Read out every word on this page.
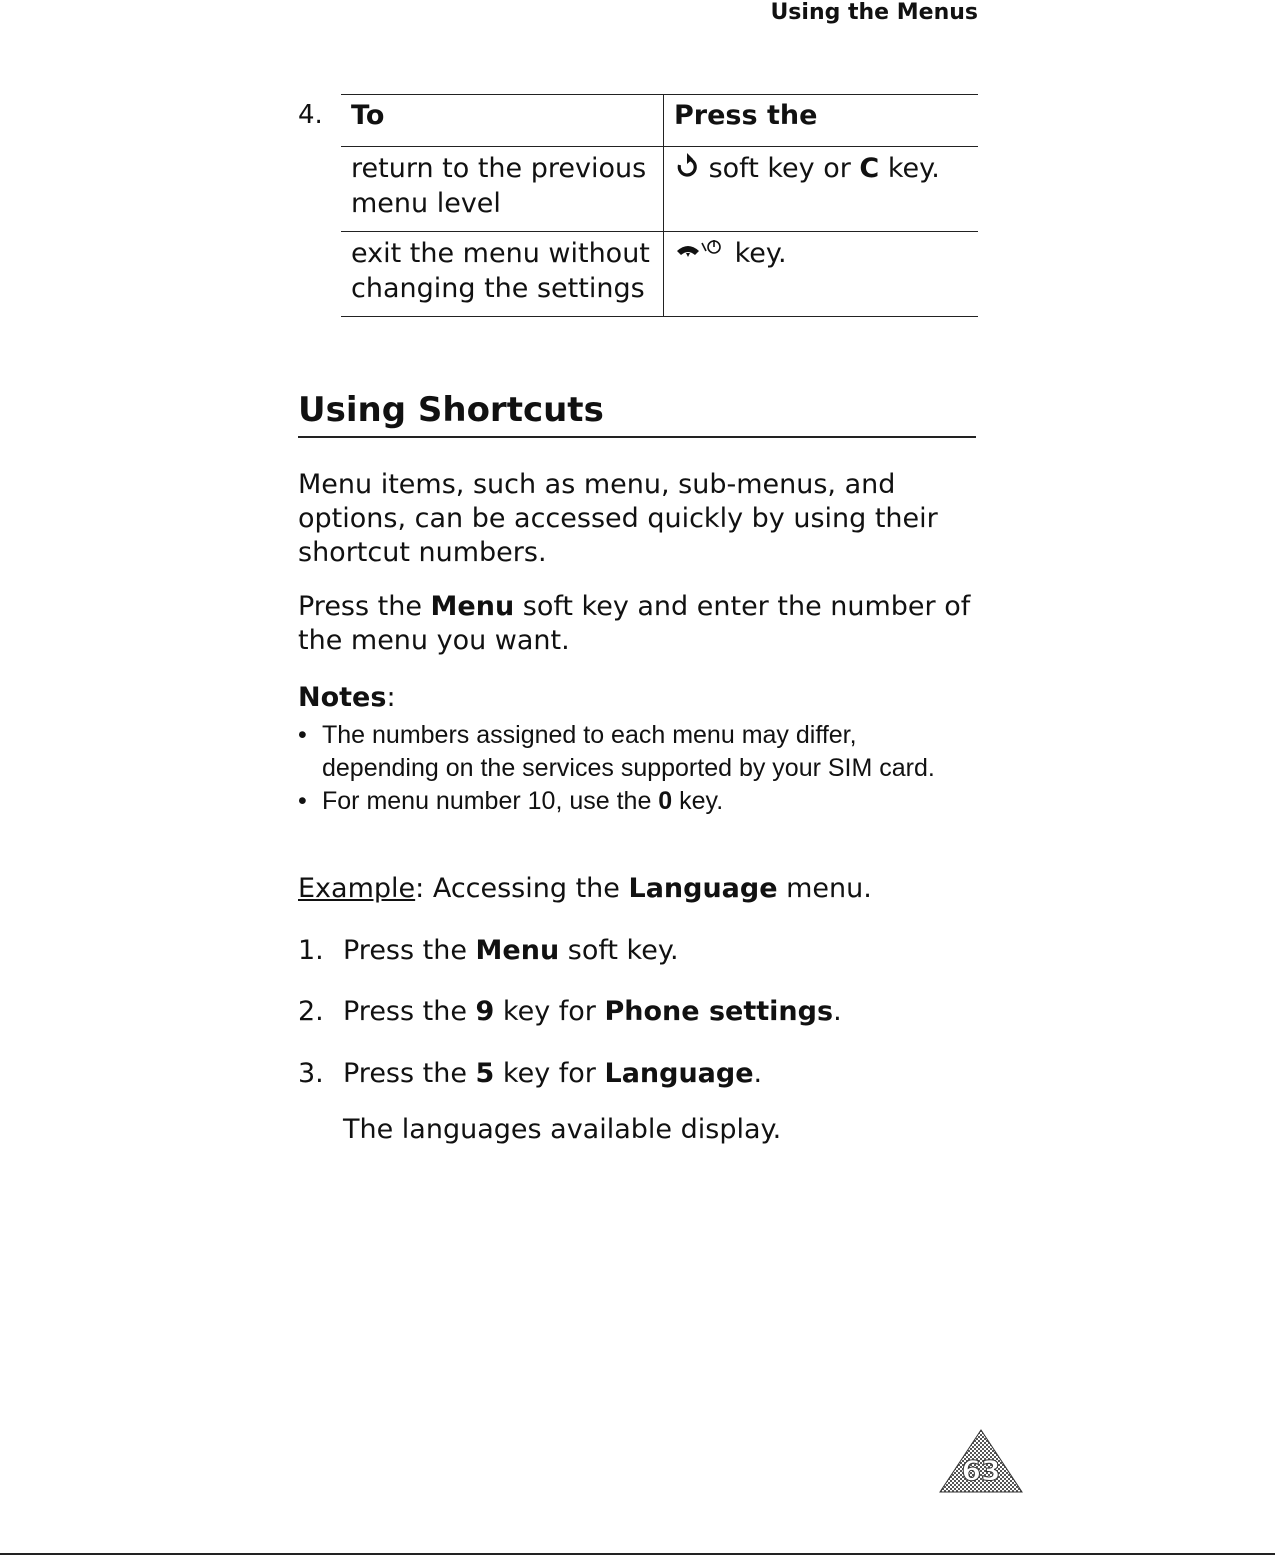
Using the Menus
4. To	Press the
return to the previous menu level	soft key or C key.
exit the menu without changing the settings	key.
Using Shortcuts

Menu items, such as menu, sub-menus, and options, can be accessed quickly by using their shortcut numbers.

Press the Menu soft key and enter the number of the menu you want.

Notes:
• The numbers assigned to each menu may differ, depending on the services supported by your SIM card.
• For menu number 10, use the 0 key.
Example: Accessing the Language menu.
1. Press the Menu soft key.
2. Press the 9 key for Phone settings.
3. Press the 5 key for Language.
The languages available display.
63
